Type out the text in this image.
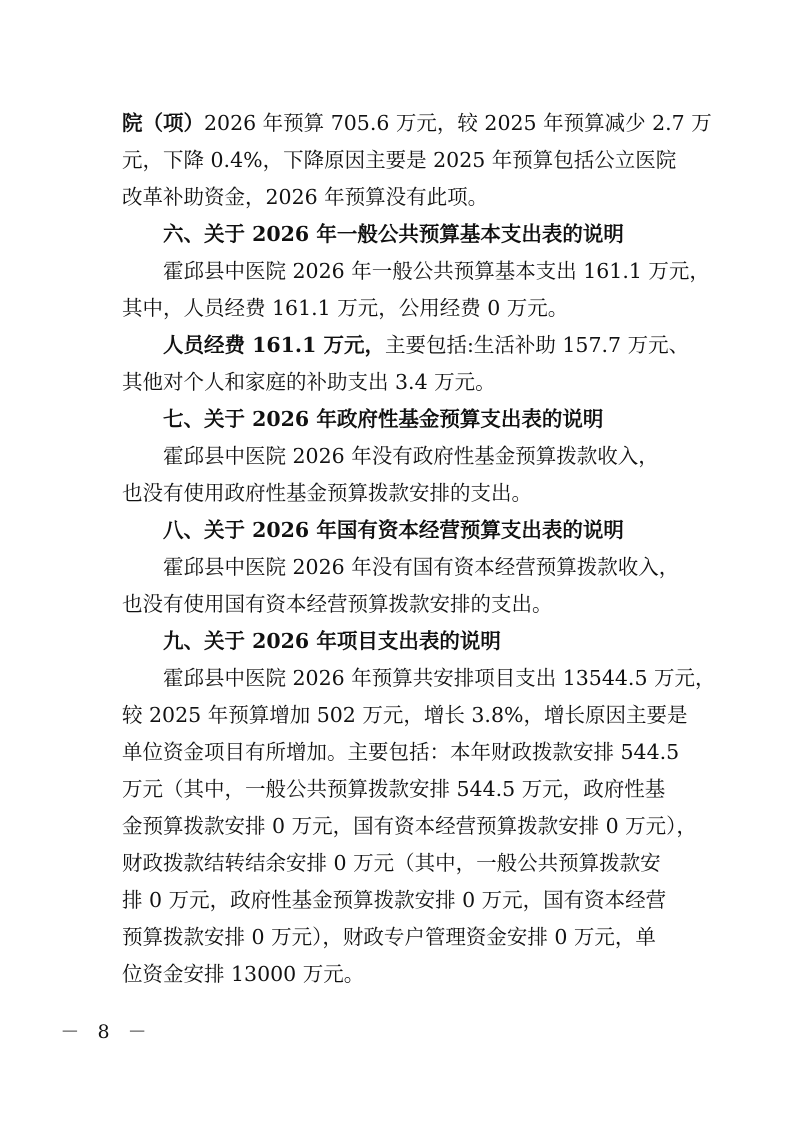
院（项）2026 年预算 705.6 万元，较 2025 年预算减少 2.7 万
元，下降 0.4%，下降原因主要是 2025 年预算包括公立医院
改革补助资金，2026 年预算没有此项。
六、关于 2026 年一般公共预算基本支出表的说明
霍邱县中医院 2026 年一般公共预算基本支出 161.1 万元，
其中，人员经费 161.1 万元，公用经费 0 万元。
人员经费 161.1 万元，主要包括:生活补助 157.7 万元、
其他对个人和家庭的补助支出 3.4 万元。
七、关于 2026 年政府性基金预算支出表的说明
霍邱县中医院 2026 年没有政府性基金预算拨款收入，
也没有使用政府性基金预算拨款安排的支出。
八、关于 2026 年国有资本经营预算支出表的说明
霍邱县中医院 2026 年没有国有资本经营预算拨款收入，
也没有使用国有资本经营预算拨款安排的支出。
九、关于 2026 年项目支出表的说明
霍邱县中医院 2026 年预算共安排项目支出 13544.5 万元，
较 2025 年预算增加 502 万元，增长 3.8%，增长原因主要是
单位资金项目有所增加。主要包括：本年财政拨款安排 544.5
万元（其中，一般公共预算拨款安排 544.5 万元，政府性基
金预算拨款安排 0 万元，国有资本经营预算拨款安排 0 万元），
财政拨款结转结余安排 0 万元（其中，一般公共预算拨款安
排 0 万元，政府性基金预算拨款安排 0 万元，国有资本经营
预算拨款安排 0 万元），财政专户管理资金安排 0 万元，单
位资金安排 13000 万元。
－ 8 －
